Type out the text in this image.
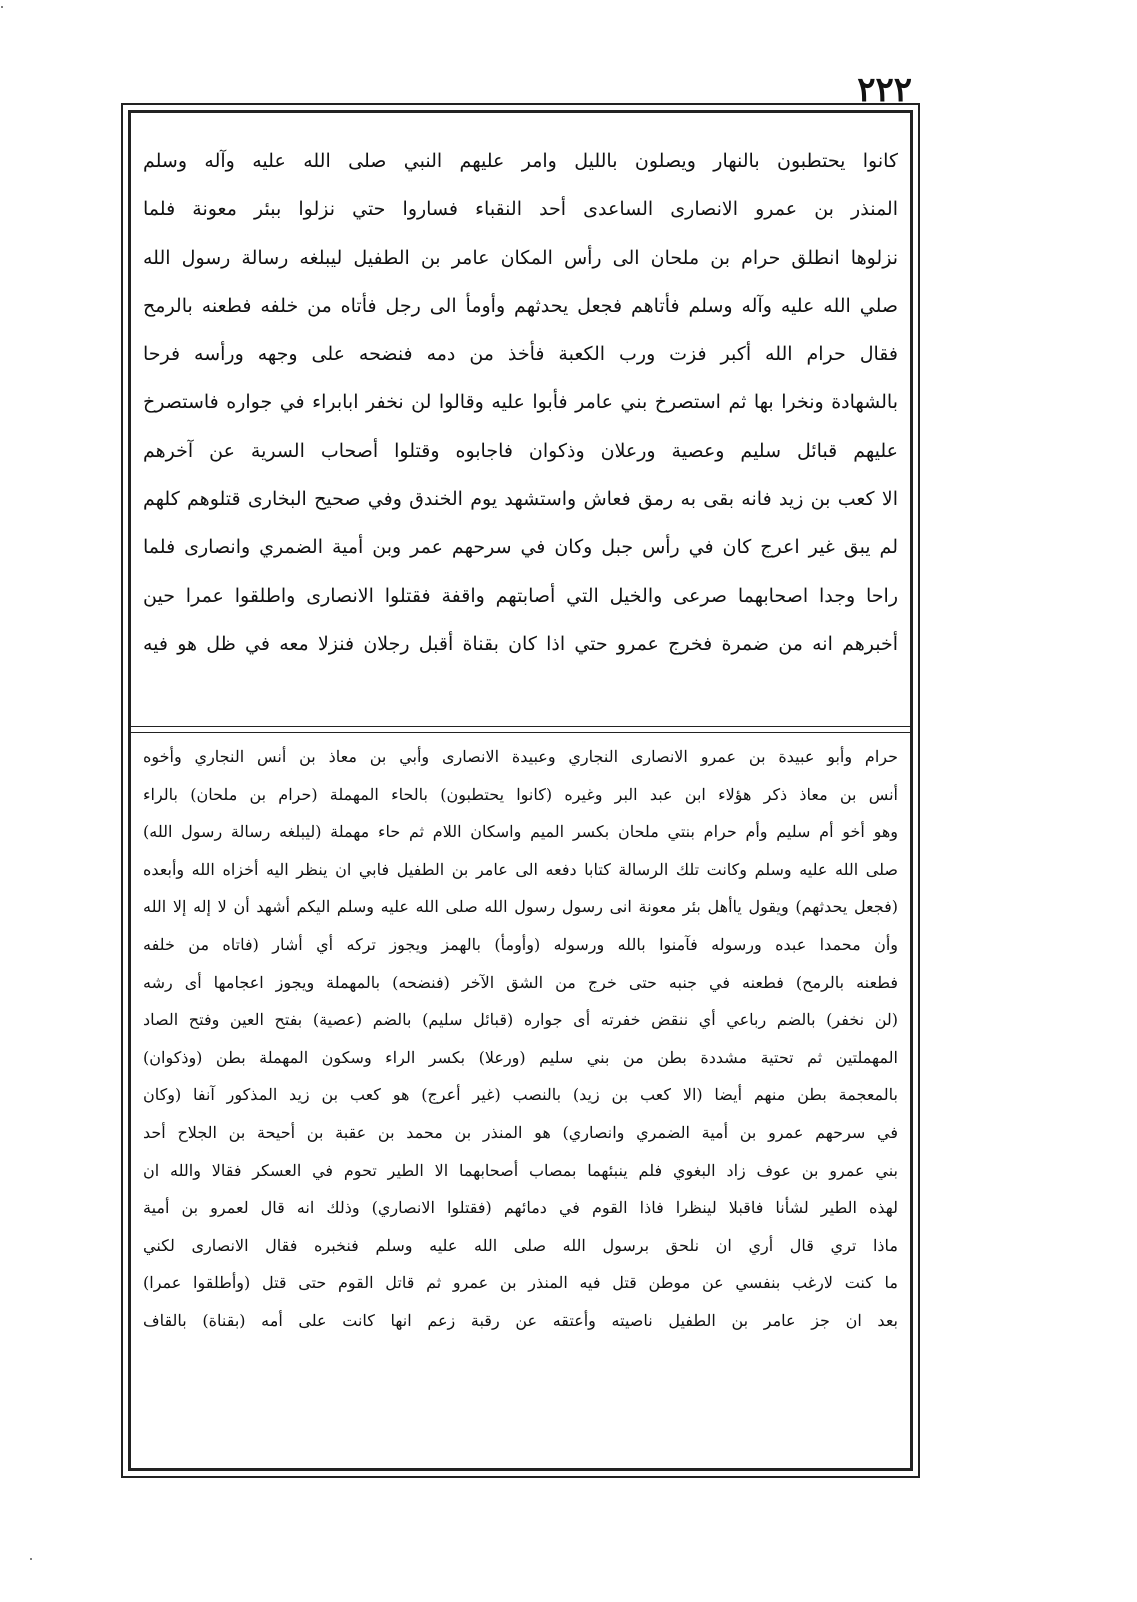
٢٢٢
كانوا يحتطبون بالنهار ويصلون بالليل وامر عليهم النبي صلى الله عليه وآله وسلم
المنذر بن عمرو الانصارى الساعدى أحد النقباء فساروا حتي نزلوا ببئر معونة فلما
نزلوها انطلق حرام بن ملحان الى رأس المكان عامر بن الطفيل ليبلغه رسالة رسول الله
صلي الله عليه وآله وسلم فأتاهم فجعل يحدثهم وأومأ الى رجل فأتاه من خلفه فطعنه بالرمح
فقال حرام الله أكبر فزت ورب الكعبة فأخذ من دمه فنضحه على وجهه ورأسه فرحا
بالشهادة ونخرا بها ثم استصرخ بني عامر فأبوا عليه وقالوا لن نخفر ابابراء في جواره فاستصرخ
عليهم قبائل سليم وعصية ورعلان وذكوان فاجابوه وقتلوا أصحاب السرية عن آخرهم
الا كعب بن زيد فانه بقى به رمق فعاش واستشهد يوم الخندق وفي صحيح البخارى قتلوهم كلهم
لم يبق غير اعرج كان في رأس جبل وكان في سرحهم عمر وبن أمية الضمري وانصارى فلما
راحا وجدا اصحابهما صرعى والخيل التي أصابتهم واقفة فقتلوا الانصارى واطلقوا عمرا حين
أخبرهم انه من ضمرة فخرج عمرو حتي اذا كان بقناة أقبل رجلان فنزلا معه في ظل هو فيه
حرام وأبو عبيدة بن عمرو الانصارى النجاري وعبيدة الانصارى وأبي بن معاذ بن أنس النجاري وأخوه
أنس بن معاذ ذكر هؤلاء ابن عبد البر وغيره (كانوا يحتطبون) بالحاء المهملة (حرام بن ملحان) بالراء
وهو أخو أم سليم وأم حرام بنتي ملحان بكسر الميم واسكان اللام ثم حاء مهملة (ليبلغه رسالة رسول الله)
صلى الله عليه وسلم وكانت تلك الرسالة كتابا دفعه الى عامر بن الطفيل فابي ان ينظر اليه أخزاه الله وأبعده
(فجعل يحدثهم) ويقول ياأهل بئر معونة انى رسول رسول الله صلى الله عليه وسلم اليكم أشهد أن لا إله إلا الله
وأن محمدا عبده ورسوله فآمنوا بالله ورسوله (وأومأ) بالهمز ويجوز تركه أي أشار (فاتاه من خلفه
فطعنه بالرمح) فطعنه في جنبه حتى خرج من الشق الآخر (فنضحه) بالمهملة ويجوز اعجامها أى رشه
(لن نخفر) بالضم رباعي أي ننقض خفرته أى جواره (قبائل سليم) بالضم (عصية) بفتح العين وفتح الصاد
المهملتين ثم تحتية مشددة بطن من بني سليم (ورعلا) بكسر الراء وسكون المهملة بطن (وذكوان)
بالمعجمة بطن منهم أيضا (الا كعب بن زيد) بالنصب (غير أعرج) هو كعب بن زيد المذكور آنفا (وكان
في سرحهم عمرو بن أمية الضمري وانصاري) هو المنذر بن محمد بن عقبة بن أحيحة بن الجلاح أحد
بني عمرو بن عوف زاد البغوي فلم ينبئهما بمصاب أصحابهما الا الطير تحوم في العسكر فقالا والله ان
لهذه الطير لشأنا فاقبلا لينظرا فاذا القوم في دمائهم (فقتلوا الانصاري) وذلك انه قال لعمرو بن أمية
ماذا تري قال أري ان نلحق برسول الله صلى الله عليه وسلم فنخبره فقال الانصارى لكني
ما كنت لارغب بنفسي عن موطن قتل فيه المنذر بن عمرو ثم قاتل القوم حتى قتل (وأطلقوا عمرا)
بعد ان جز عامر بن الطفيل ناصيته وأعتقه عن رقبة زعم انها كانت على أمه (بقناة) بالقاف
